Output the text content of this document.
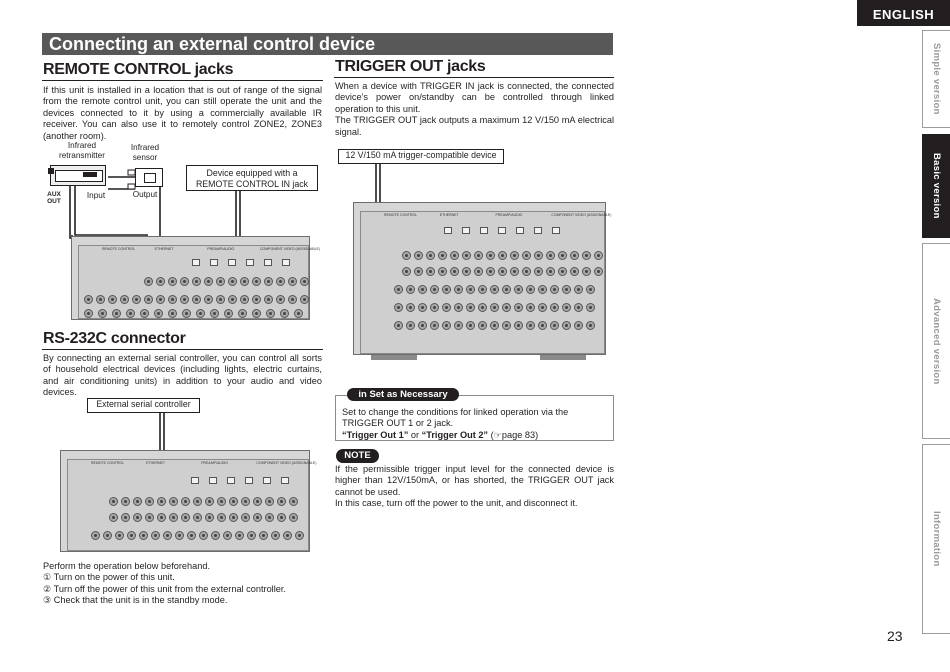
ENGLISH
Connecting an external control device	Simple version
Basic version
Advanced version
Information
REMOTE CONTROL jacks
If this unit is installed in a location that is out of range of the signal from the remote control unit, you can still operate the unit and the devices connected to it by using a commercially available IR receiver. You can also use it to remotely control ZONE2, ZONE3 (another room).
Infrared retransmitter
Infrared sensor
AUX OUT
Input	Output
Device equipped with a REMOTE CONTROL IN jack
REMOTE CONTROL	ETHERNET	PREAMP/AUDIO	COMPONENT VIDEO (ASSIGNABLE)
RS-232C connector
By connecting an external serial controller, you can control all sorts of household electrical devices (including lights, electric curtains, and air conditioning units) in addition to your audio and video devices.
External serial controller
REMOTE CONTROL	ETHERNET	PREAMP/AUDIO	COMPONENT VIDEO (ASSIGNABLE)
Perform the operation below beforehand.
① Turn on the power of this unit.
② Turn off the power of this unit from the external controller.
③ Check that the unit is in the standby mode.
TRIGGER OUT jacks

When a device with TRIGGER IN jack is connected, the connected device’s power on/standby can be controlled through linked operation to this unit.

The TRIGGER OUT jack outputs a maximum 12 V/150 mA electrical signal.

12 V/150 mA trigger-compatible device
REMOTE CONTROL	ETHERNET	PREAMP/AUDIO	COMPONENT VIDEO (ASSIGNABLE)
Set to change the conditions for linked operation via the TRIGGER OUT 1 or 2 jack.
“Trigger Out 1” or “Trigger Out 2” (☞page 83)
in Set as Necessary
NOTE

If the permissible trigger input level for the connected device is higher than 12V/150mA, or has shorted, the TRIGGER OUT jack cannot be used.

In this case, turn off the power to the unit, and disconnect it.

23
